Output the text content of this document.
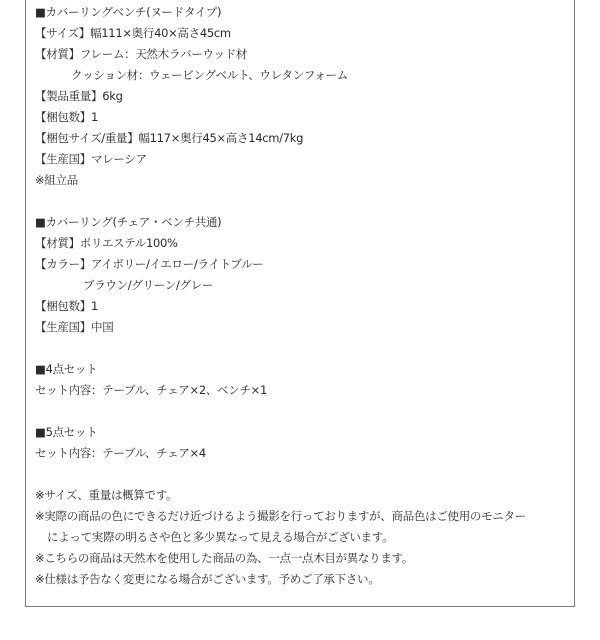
■カバーリングベンチ(ヌードタイプ)
【サイズ】幅111×奥行40×高さ45cm
【材質】フレーム：天然木ラバーウッド材
クッション材：ウェービングベルト、ウレタンフォーム
【製品重量】6kg
【梱包数】1
【梱包サイズ/重量】幅117×奥行45×高さ14cm/7kg
【生産国】マレーシア
※組立品
■カバーリング(チェア・ベンチ共通)
【材質】ポリエステル100%
【カラー】アイボリー/イエロー/ライトブルー
ブラウン/グリーン/グレー
【梱包数】1
【生産国】中国
■4点セット
セット内容：テーブル、チェア×2、ベンチ×1
■5点セット
セット内容：テーブル、チェア×4
※サイズ、重量は概算です。
※実際の商品の色にできるだけ近づけるよう撮影を行っておりますが、商品色はご使用のモニター
によって実際の明るさや色と多少異なって見える場合がございます。
※こちらの商品は天然木を使用した商品の為、一点一点木目が異なります。
※仕様は予告なく変更になる場合がございます。予めご了承下さい。
